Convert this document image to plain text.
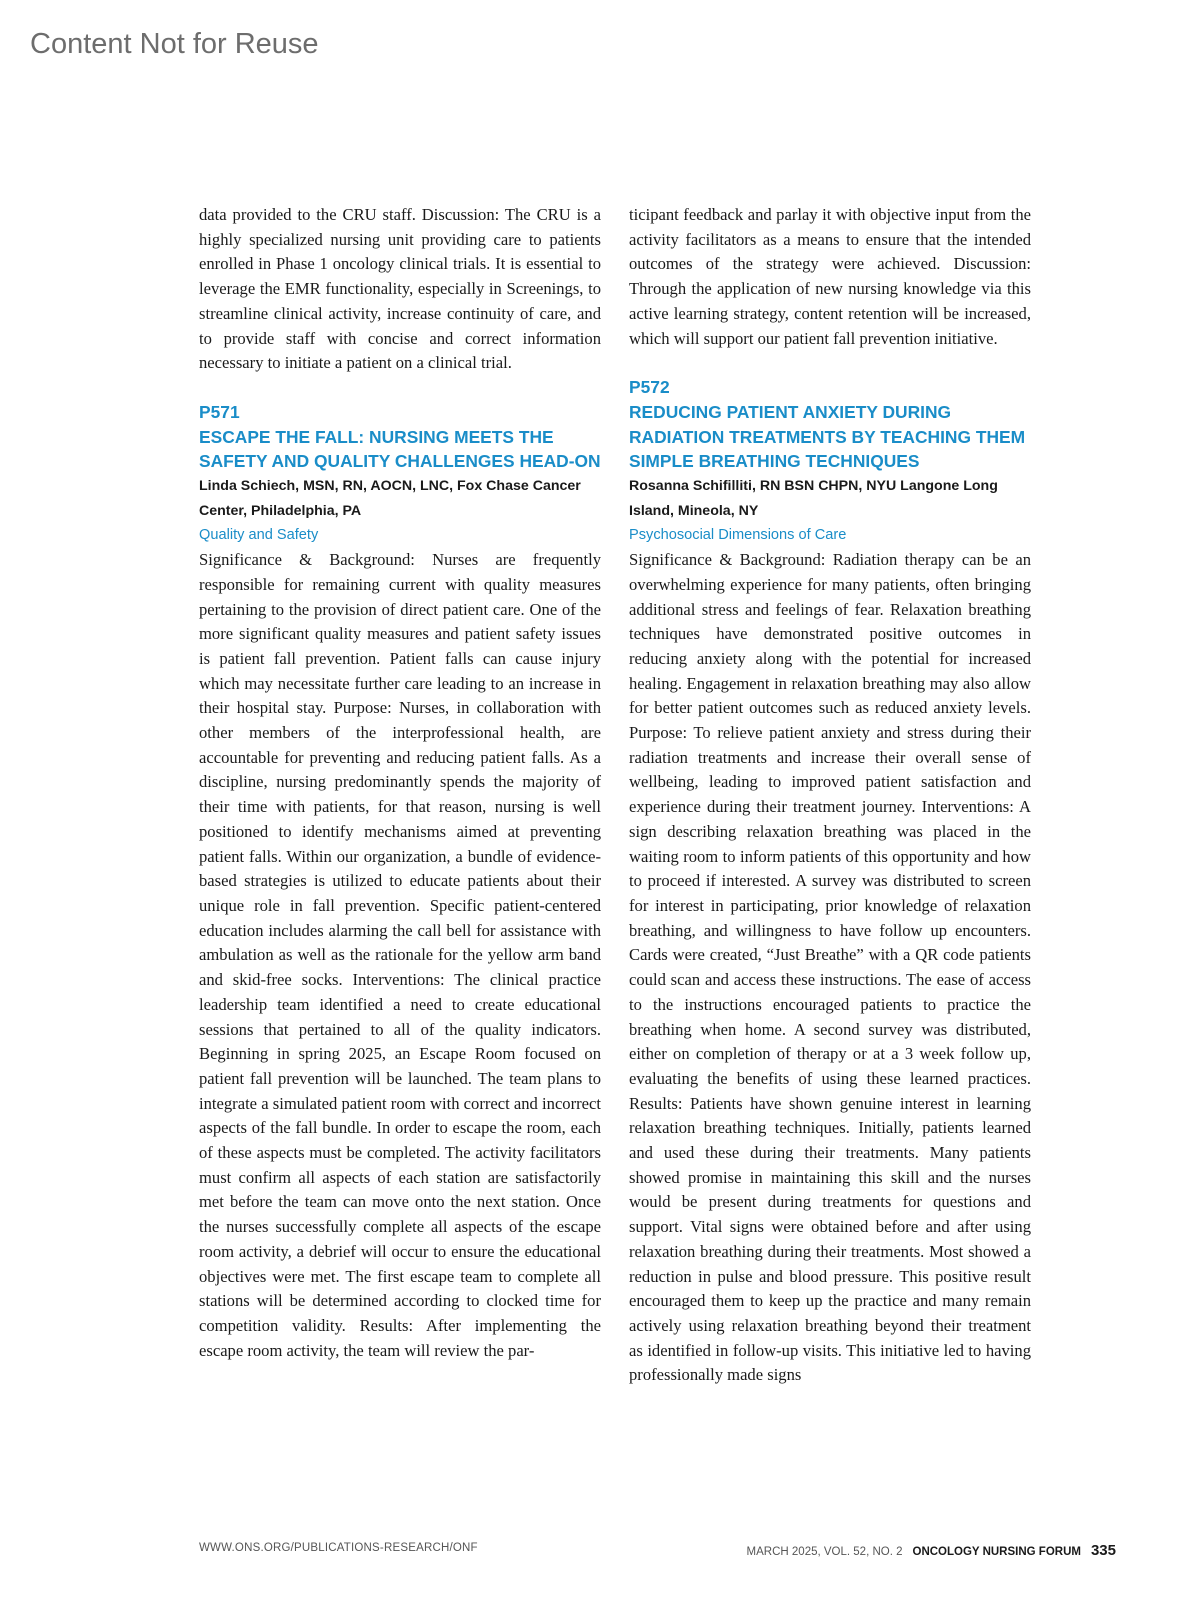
Content Not for Reuse

data provided to the CRU staff. Discussion: The CRU is a highly specialized nursing unit providing care to patients enrolled in Phase 1 oncology clinical trials. It is essential to leverage the EMR functionality, especially in Screenings, to streamline clinical activity, increase continuity of care, and to provide staff with concise and correct information necessary to initiate a patient on a clinical trial.

P571

ESCAPE THE FALL: NURSING MEETS THE SAFETY AND QUALITY CHALLENGES HEAD-ON

Linda Schiech, MSN, RN, AOCN, LNC, Fox Chase Cancer Center, Philadelphia, PA

Quality and Safety

Significance & Background: Nurses are frequently responsible for remaining current with quality measures pertaining to the provision of direct patient care. One of the more significant quality measures and patient safety issues is patient fall prevention. Patient falls can cause injury which may necessitate further care leading to an increase in their hospital stay. Purpose: Nurses, in collaboration with other members of the interprofessional health, are accountable for preventing and reducing patient falls. As a discipline, nursing predominantly spends the majority of their time with patients, for that reason, nursing is well positioned to identify mechanisms aimed at preventing patient falls. Within our organization, a bundle of evidence-based strategies is utilized to educate patients about their unique role in fall prevention. Specific patient-centered education includes alarming the call bell for assistance with ambulation as well as the rationale for the yellow arm band and skid-free socks. Interventions: The clinical practice leadership team identified a need to create educational sessions that pertained to all of the quality indicators. Beginning in spring 2025, an Escape Room focused on patient fall prevention will be launched. The team plans to integrate a simulated patient room with correct and incorrect aspects of the fall bundle. In order to escape the room, each of these aspects must be completed. The activity facilitators must confirm all aspects of each station are satisfactorily met before the team can move onto the next station. Once the nurses successfully complete all aspects of the escape room activity, a debrief will occur to ensure the educational objectives were met. The first escape team to complete all stations will be determined according to clocked time for competition validity. Results: After implementing the escape room activity, the team will review the par-

ticipant feedback and parlay it with objective input from the activity facilitators as a means to ensure that the intended outcomes of the strategy were achieved. Discussion: Through the application of new nursing knowledge via this active learning strategy, content retention will be increased, which will support our patient fall prevention initiative.

P572

REDUCING PATIENT ANXIETY DURING RADIATION TREATMENTS BY TEACHING THEM SIMPLE BREATHING TECHNIQUES

Rosanna Schifilliti, RN BSN CHPN, NYU Langone Long Island, Mineola, NY

Psychosocial Dimensions of Care

Significance & Background: Radiation therapy can be an overwhelming experience for many patients, often bringing additional stress and feelings of fear. Relaxation breathing techniques have demonstrated positive outcomes in reducing anxiety along with the potential for increased healing. Engagement in relaxation breathing may also allow for better patient outcomes such as reduced anxiety levels. Purpose: To relieve patient anxiety and stress during their radiation treatments and increase their overall sense of wellbeing, leading to improved patient satisfaction and experience during their treatment journey. Interventions: A sign describing relaxation breathing was placed in the waiting room to inform patients of this opportunity and how to proceed if interested. A survey was distributed to screen for interest in participating, prior knowledge of relaxation breathing, and willingness to have follow up encounters. Cards were created, “Just Breathe” with a QR code patients could scan and access these instructions. The ease of access to the instructions encouraged patients to practice the breathing when home. A second survey was distributed, either on completion of therapy or at a 3 week follow up, evaluating the benefits of using these learned practices. Results: Patients have shown genuine interest in learning relaxation breathing techniques. Initially, patients learned and used these during their treatments. Many patients showed promise in maintaining this skill and the nurses would be present during treatments for questions and support. Vital signs were obtained before and after using relaxation breathing during their treatments. Most showed a reduction in pulse and blood pressure. This positive result encouraged them to keep up the practice and many remain actively using relaxation breathing beyond their treatment as identified in follow-up visits. This initiative led to having professionally made signs

WWW.ONS.ORG/PUBLICATIONS-RESEARCH/ONF	MARCH 2025, VOL. 52, NO. 2 ONCOLOGY NURSING FORUM 335
